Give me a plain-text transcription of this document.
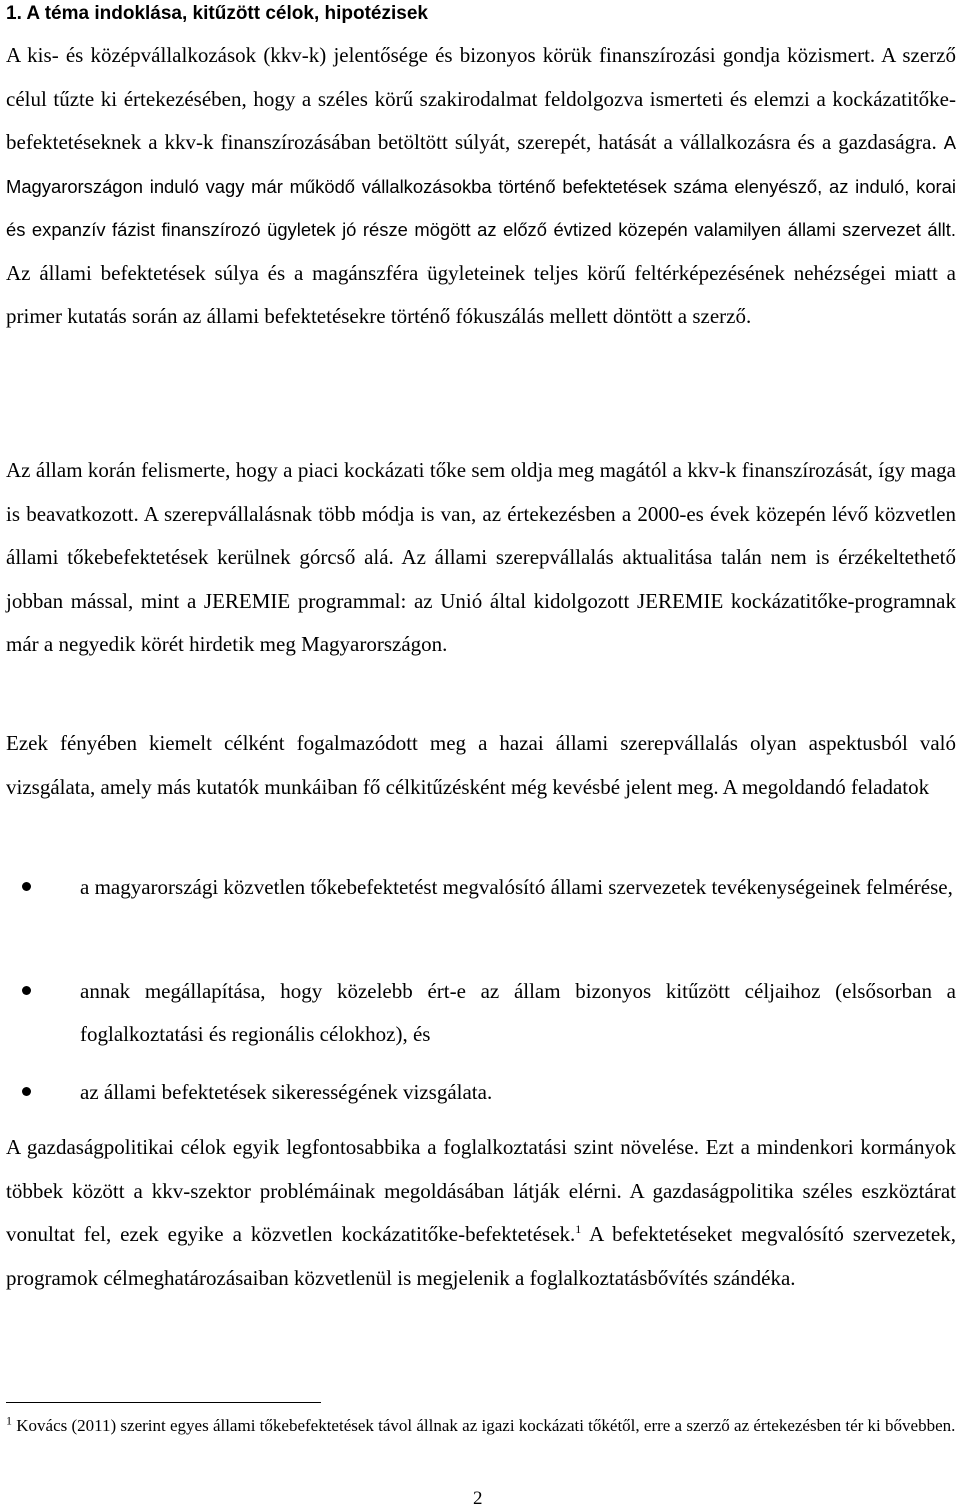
1. A téma indoklása, kitűzött célok, hipotézisek

A kis- és középvállalkozások (kkv-k) jelentősége és bizonyos körük finanszírozási gondja közismert. A szerző célul tűzte ki értekezésében, hogy a széles körű szakirodalmat feldolgozva ismerteti és elemzi a kockázatitőke-befektetéseknek a kkv-k finanszírozásában betöltött súlyát, szerepét, hatását a vállalkozásra és a gazdaságra. A Magyarországon induló vagy már működő vállalkozásokba történő befektetések száma elenyésző, az induló, korai és expanzív fázist finanszírozó ügyletek jó része mögött az előző évtized közepén valamilyen állami szervezet állt. Az állami befektetések súlya és a magánszféra ügyleteinek teljes körű feltérképezésének nehézségei miatt a primer kutatás során az állami befektetésekre történő fókuszálás mellett döntött a szerző.

Az állam korán felismerte, hogy a piaci kockázati tőke sem oldja meg magától a kkv-k finanszírozását, így maga is beavatkozott. A szerepvállalásnak több módja is van, az értekezésben a 2000-es évek közepén lévő közvetlen állami tőkebefektetések kerülnek górcső alá. Az állami szerepvállalás aktualitása talán nem is érzékeltethető jobban mással, mint a JEREMIE programmal: az Unió által kidolgozott JEREMIE kockázatitőke-programnak már a negyedik körét hirdetik meg Magyarországon.

Ezek fényében kiemelt célként fogalmazódott meg a hazai állami szerepvállalás olyan aspektusból való vizsgálata, amely más kutatók munkáiban fő célkitűzésként még kevésbé jelent meg. A megoldandó feladatok

a magyarországi közvetlen tőkebefektetést megvalósító állami szervezetek tevékenységeinek felmérése,
annak megállapítása, hogy közelebb ért-e az állam bizonyos kitűzött céljaihoz (elsősorban a foglalkoztatási és regionális célokhoz), és
az állami befektetések sikerességének vizsgálata.

A gazdaságpolitikai célok egyik legfontosabbika a foglalkoztatási szint növelése. Ezt a mindenkori kormányok többek között a kkv-szektor problémáinak megoldásában látják elérni. A gazdaságpolitika széles eszköztárat vonultat fel, ezek egyike a közvetlen kockázatitőke-befektetések.$^1$ A befektetéseket megvalósító szervezetek, programok célmeghatározásaiban közvetlenül is megjelenik a foglalkoztatásbővítés szándéka.

$^1$ Kovács (2011) szerint egyes állami tőkebefektetések távol állnak az igazi kockázati tőkétől, erre a szerző az értekezésben tér ki bővebben.
2
